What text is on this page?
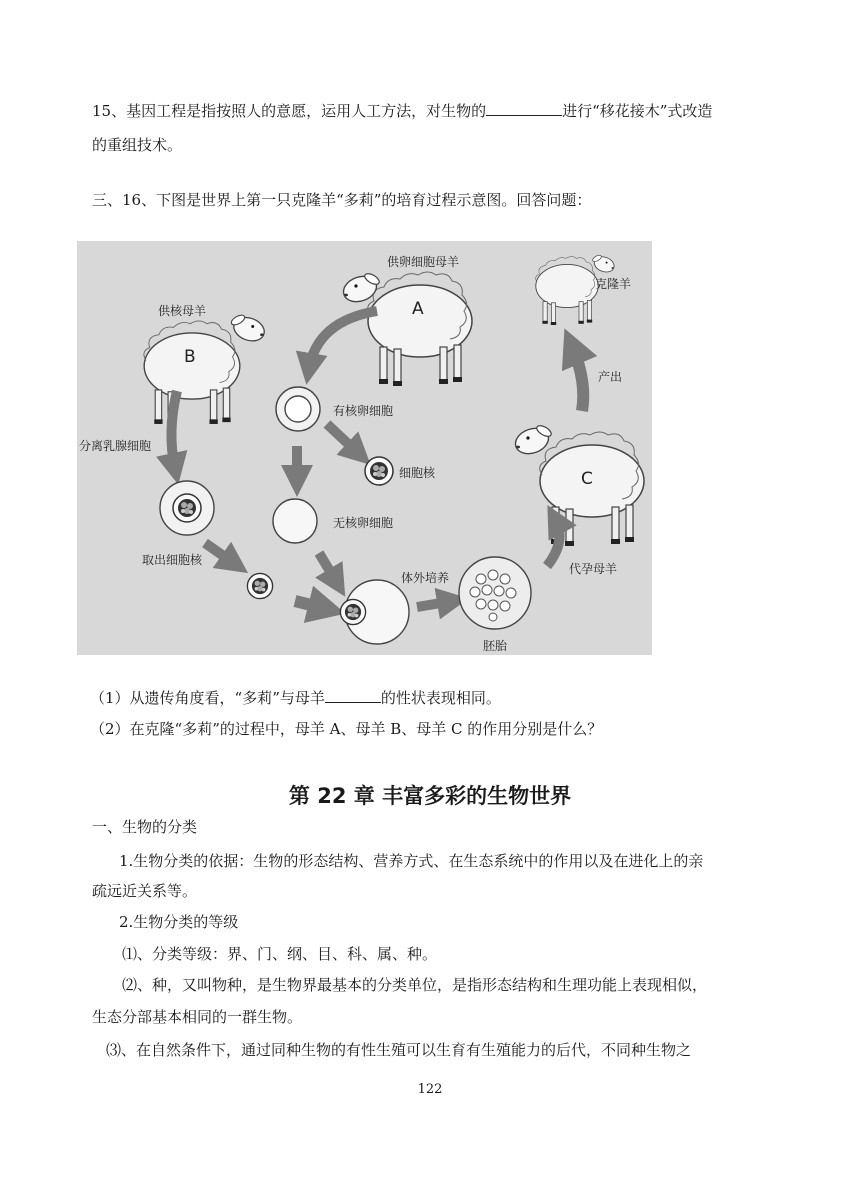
15、基因工程是指按照人的意愿，运用人工方法，对生物的	进行“移花接木”式改造
的重组技术。
三、16、下图是世界上第一只克隆羊“多莉”的培育过程示意图。回答问题：
A
供卵细胞母羊
B
供核母羊
C
代孕母羊
克隆羊
产出
分离乳腺细胞
取出细胞核
有核卵细胞
细胞核
无核卵细胞
体外培养
胚胎
（1）从遗传角度看，“多莉”与母羊	的性状表现相同。
（2）在克隆“多莉”的过程中，母羊 A、母羊 B、母羊 C 的作用分别是什么？
第 22 章 丰富多彩的生物世界
一、生物的分类
1.生物分类的依据：生物的形态结构、营养方式、在生态系统中的作用以及在进化上的亲
疏远近关系等。
2.生物分类的等级
⑴、分类等级：界、门、纲、目、科、属、种。
⑵、种，又叫物种，是生物界最基本的分类单位，是指形态结构和生理功能上表现相似，
生态分部基本相同的一群生物。
⑶、在自然条件下，通过同种生物的有性生殖可以生育有生殖能力的后代，不同种生物之
122
